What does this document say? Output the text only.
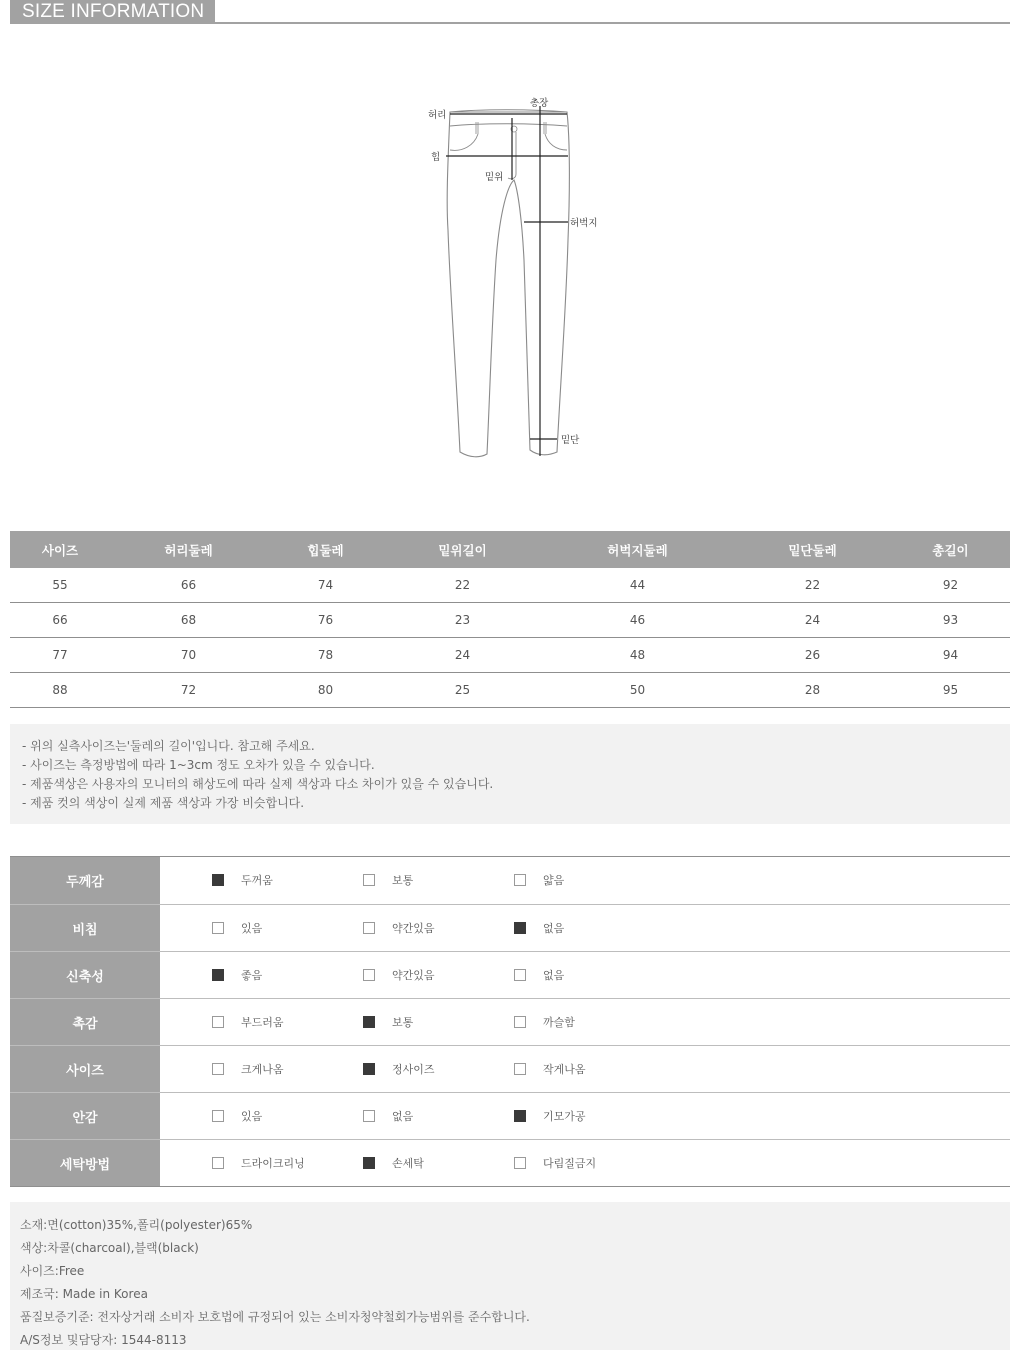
SIZE INFORMATION
허리
총장
힙
밑위
허벅지
밑단
사이즈	허리둘레	힙둘레	밑위길이	허벅지둘레	밑단둘레	총길이
55	66	74	22	44	22	92
66	68	76	23	46	24	93
77	70	78	24	48	26	94
88	72	80	25	50	28	95
- 위의 실측사이즈는'둘레의 길이'입니다. 참고해 주세요.
- 사이즈는 측정방법에 따라 1~3cm 정도 오차가 있을 수 있습니다.
- 제품색상은 사용자의 모니터의 해상도에 따라 실제 색상과 다소 차이가 있을 수 있습니다.
- 제품 컷의 색상이 실제 제품 색상과 가장 비슷합니다.
두께감	두꺼움	보통	얇음
비침	있음	약간있음	없음
신축성	좋음	약간있음	없음
촉감	부드러움	보통	까슬함
사이즈	크게나옴	정사이즈	작게나옴
안감	있음	없음	기모가공
세탁방법	드라이크리닝	손세탁	다림질금지
소재:면(cotton)35%,폴리(polyester)65%
색상:차콜(charcoal),블랙(black)
사이즈:Free
제조국: Made in Korea
품질보증기준: 전자상거래 소비자 보호법에 규정되어 있는 소비자청약철회가능범위를 준수합니다.
A/S정보 및담당자: 1544-8113
